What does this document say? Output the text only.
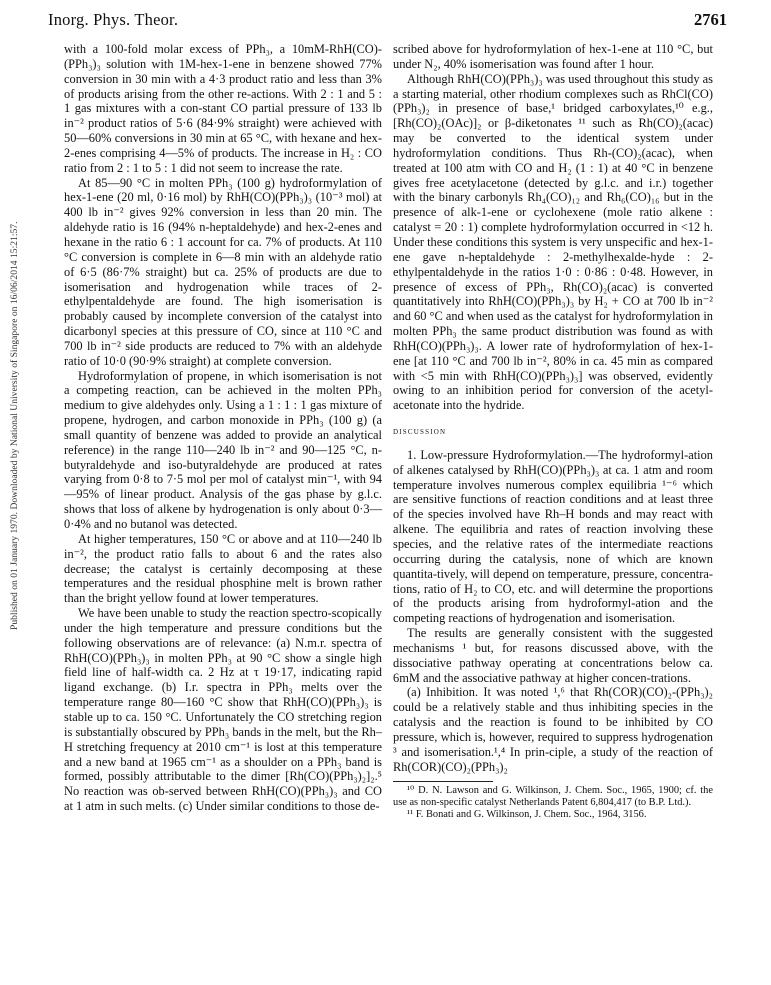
Inorg. Phys. Theor.	2761
Published on 01 January 1970. Downloaded by National University of Singapore on 16/06/2014 15:21:57.

with a 100-fold molar excess of PPh₃, a 10mM-RhH(CO)-(PPh₃)₃ solution with 1M-hex-1-ene in benzene showed 77% conversion in 30 min with a 4·3 product ratio and less than 3% of products arising from the other re-actions. With 2 : 1 and 5 : 1 gas mixtures with a con-stant CO partial pressure of 133 lb in⁻² product ratios of 5·6 (84·9% straight) were achieved with 50—60% conversions in 30 min at 65 °C, with hexane and hex-2-enes comprising 4—5% of products. The increase in H₂ : CO ratio from 2 : 1 to 5 : 1 did not seem to increase the rate.

At 85—90 °C in molten PPh₃ (100 g) hydroformylation of hex-1-ene (20 ml, 0·16 mol) by RhH(CO)(PPh₃)₃ (10⁻³ mol) at 400 lb in⁻² gives 92% conversion in less than 20 min. The aldehyde ratio is 16 (94% n-heptaldehyde) and hex-2-enes and hexane in the ratio 6 : 1 account for ca. 7% of products. At 110 °C conversion is complete in 6—8 min with an aldehyde ratio of 6·5 (86·7% straight) but ca. 25% of products are due to isomerisation and hydrogenation while traces of 2-ethylpentaldehyde are found. The high isomerisation is probably caused by incomplete conversion of the catalyst into dicarbonyl species at this pressure of CO, since at 110 °C and 700 lb in⁻² side products are reduced to 7% with an aldehyde ratio of 10·0 (90·9% straight) at complete conversion.

Hydroformylation of propene, in which isomerisation is not a competing reaction, can be achieved in the molten PPh₃ medium to give aldehydes only. Using a 1 : 1 : 1 gas mixture of propene, hydrogen, and carbon monoxide in PPh₃ (100 g) (a small quantity of benzene was added to provide an analytical reference) in the range 110—240 lb in⁻² and 90—125 °C, n-butyraldehyde and iso-butyraldehyde are produced at rates varying from 0·8 to 7·5 mol per mol of catalyst min⁻¹, with 94—95% of linear product. Analysis of the gas phase by g.l.c. shows that loss of alkene by hydrogenation is only about 0·3—0·4% and no butanol was detected.

At higher temperatures, 150 °C or above and at 110—240 lb in⁻², the product ratio falls to about 6 and the rates also decrease; the catalyst is certainly decomposing at these temperatures and the residual phosphine melt is brown rather than the bright yellow found at lower temperatures.

We have been unable to study the reaction spectro-scopically under the high temperature and pressure conditions but the following observations are of relevance: (a) N.m.r. spectra of RhH(CO)(PPh₃)₃ in molten PPh₃ at 90 °C show a single high field line of half-width ca. 2 Hz at τ 19·17, indicating rapid ligand exchange. (b) I.r. spectra in PPh₃ melts over the temperature range 80—160 °C show that RhH(CO)(PPh₃)₃ is stable up to ca. 150 °C. Unfortunately the CO stretching region is substantially obscured by PPh₃ bands in the melt, but the Rh–H stretching frequency at 2010 cm⁻¹ is lost at this temperature and a new band at 1965 cm⁻¹ as a shoulder on a PPh₃ band is formed, possibly attributable to the dimer [Rh(CO)(PPh₃)₂]₂.⁵ No reaction was ob-served between RhH(CO)(PPh₃)₃ and CO at 1 atm in such melts. (c) Under similar conditions to those de-

scribed above for hydroformylation of hex-1-ene at 110 °C, but under N₂, 40% isomerisation was found after 1 hour.

Although RhH(CO)(PPh₃)₃ was used throughout this study as a starting material, other rhodium complexes such as RhCl(CO)(PPh₃)₂ in presence of base,¹ bridged carboxylates,¹⁰ e.g., [Rh(CO)₂(OAc)]₂ or β-diketonates ¹¹ such as Rh(CO)₂(acac) may be converted to the identical system under hydroformylation conditions. Thus Rh-(CO)₂(acac), when treated at 100 atm with CO and H₂ (1 : 1) at 40 °C in benzene gives free acetylacetone (detected by g.l.c. and i.r.) together with the binary carbonyls Rh₄(CO)₁₂ and Rh₆(CO)₁₆ but in the presence of alk-1-ene or cyclohexene (mole ratio alkene : catalyst = 20 : 1) complete hydroformylation occurred in <12 h. Under these conditions this system is very unspecific and hex-1-ene gave n-heptaldehyde : 2-methylhexalde-hyde : 2-ethylpentaldehyde in the ratios 1·0 : 0·86 : 0·48. However, in presence of excess of PPh₃, Rh(CO)₂(acac) is converted quantitatively into RhH(CO)(PPh₃)₃ by H₂ + CO at 700 lb in⁻² and 60 °C and when used as the catalyst for hydroformylation in molten PPh₃ the same product distribution was found as with RhH(CO)(PPh₃)₃. A lower rate of hydroformylation of hex-1-ene [at 110 °C and 700 lb in⁻², 80% in ca. 45 min as compared with <5 min with RhH(CO)(PPh₃)₃] was observed, evidently owing to an inhibition period for conversion of the acetyl-acetonate into the hydride.

discussion

1. Low-pressure Hydroformylation.—The hydroformyl-ation of alkenes catalysed by RhH(CO)(PPh₃)₃ at ca. 1 atm and room temperature involves numerous complex equilibria ¹⁻⁶ which are sensitive functions of reaction conditions and at least three of the species involved have Rh–H bonds and may react with alkene. The equilibria and rates of reaction involving these species, and the relative rates of the intermediate reactions occurring during the catalysis, none of which are known quantita-tively, will depend on temperature, pressure, concentra-tions, ratio of H₂ to CO, etc. and will determine the proportions of the products arising from hydroformyl-ation and the competing reactions of hydrogenation and isomerisation.

The results are generally consistent with the suggested mechanisms ¹ but, for reasons discussed above, with the dissociative pathway operating at concentrations below ca. 6mM and the associative pathway at higher concen-trations.

(a) Inhibition. It was noted ¹,⁶ that Rh(COR)(CO)₂-(PPh₃)₂ could be a relatively stable and thus inhibiting species in the catalysis and the reaction is found to be inhibited by CO pressure, which is, however, required to suppress hydrogenation ³ and isomerisation.¹,⁴ In prin-ciple, a study of the reaction of Rh(COR)(CO)₂(PPh₃)₂

¹⁰ D. N. Lawson and G. Wilkinson, J. Chem. Soc., 1965, 1900; cf. the use as non-specific catalyst Netherlands Patent 6,804,417 (to B.P. Ltd.).

¹¹ F. Bonati and G. Wilkinson, J. Chem. Soc., 1964, 3156.
